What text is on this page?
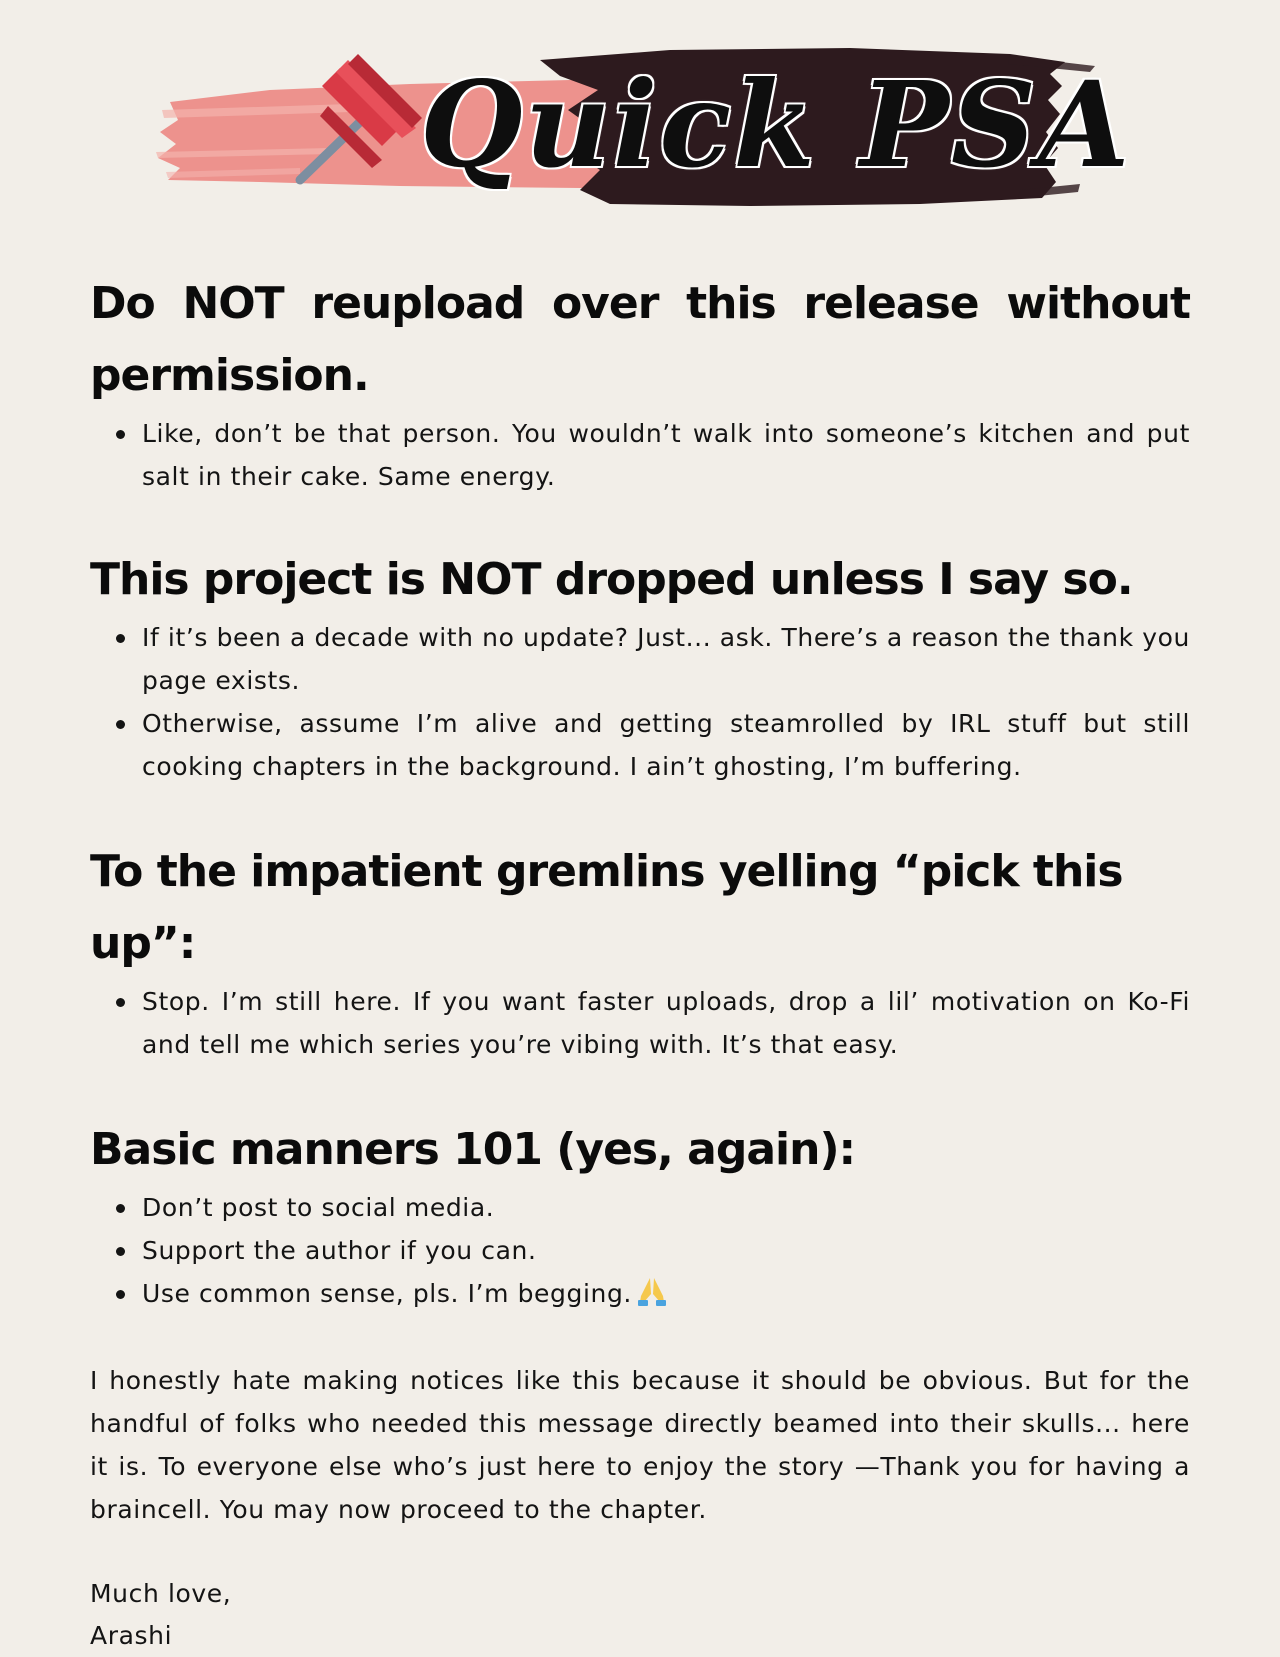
Quick PSA
Do NOT reupload over this release without permission.
Like, don’t be that person. You wouldn’t walk into someone’s kitchen and put salt in their cake. Same energy.
This project is NOT dropped unless I say so.
If it’s been a decade with no update? Just... ask. There’s a reason the thank you page exists.
Otherwise, assume I’m alive and getting steamrolled by IRL stuff but still cooking chapters in the background. I ain’t ghosting, I’m buffering.
To the impatient gremlins yelling “pick this up”:
Stop. I’m still here. If you want faster uploads, drop a lil’ motivation on Ko-Fi and tell me which series you’re vibing with. It’s that easy.
Basic manners 101 (yes, again):
Don’t post to social media.
Support the author if you can.
Use common sense, pls. I’m begging.

I honestly hate making notices like this because it should be obvious. But for the handful of folks who needed this message directly beamed into their skulls... here it is. To everyone else who’s just here to enjoy the story —Thank you for having a braincell. You may now proceed to the chapter.

Much love,
Arashi
